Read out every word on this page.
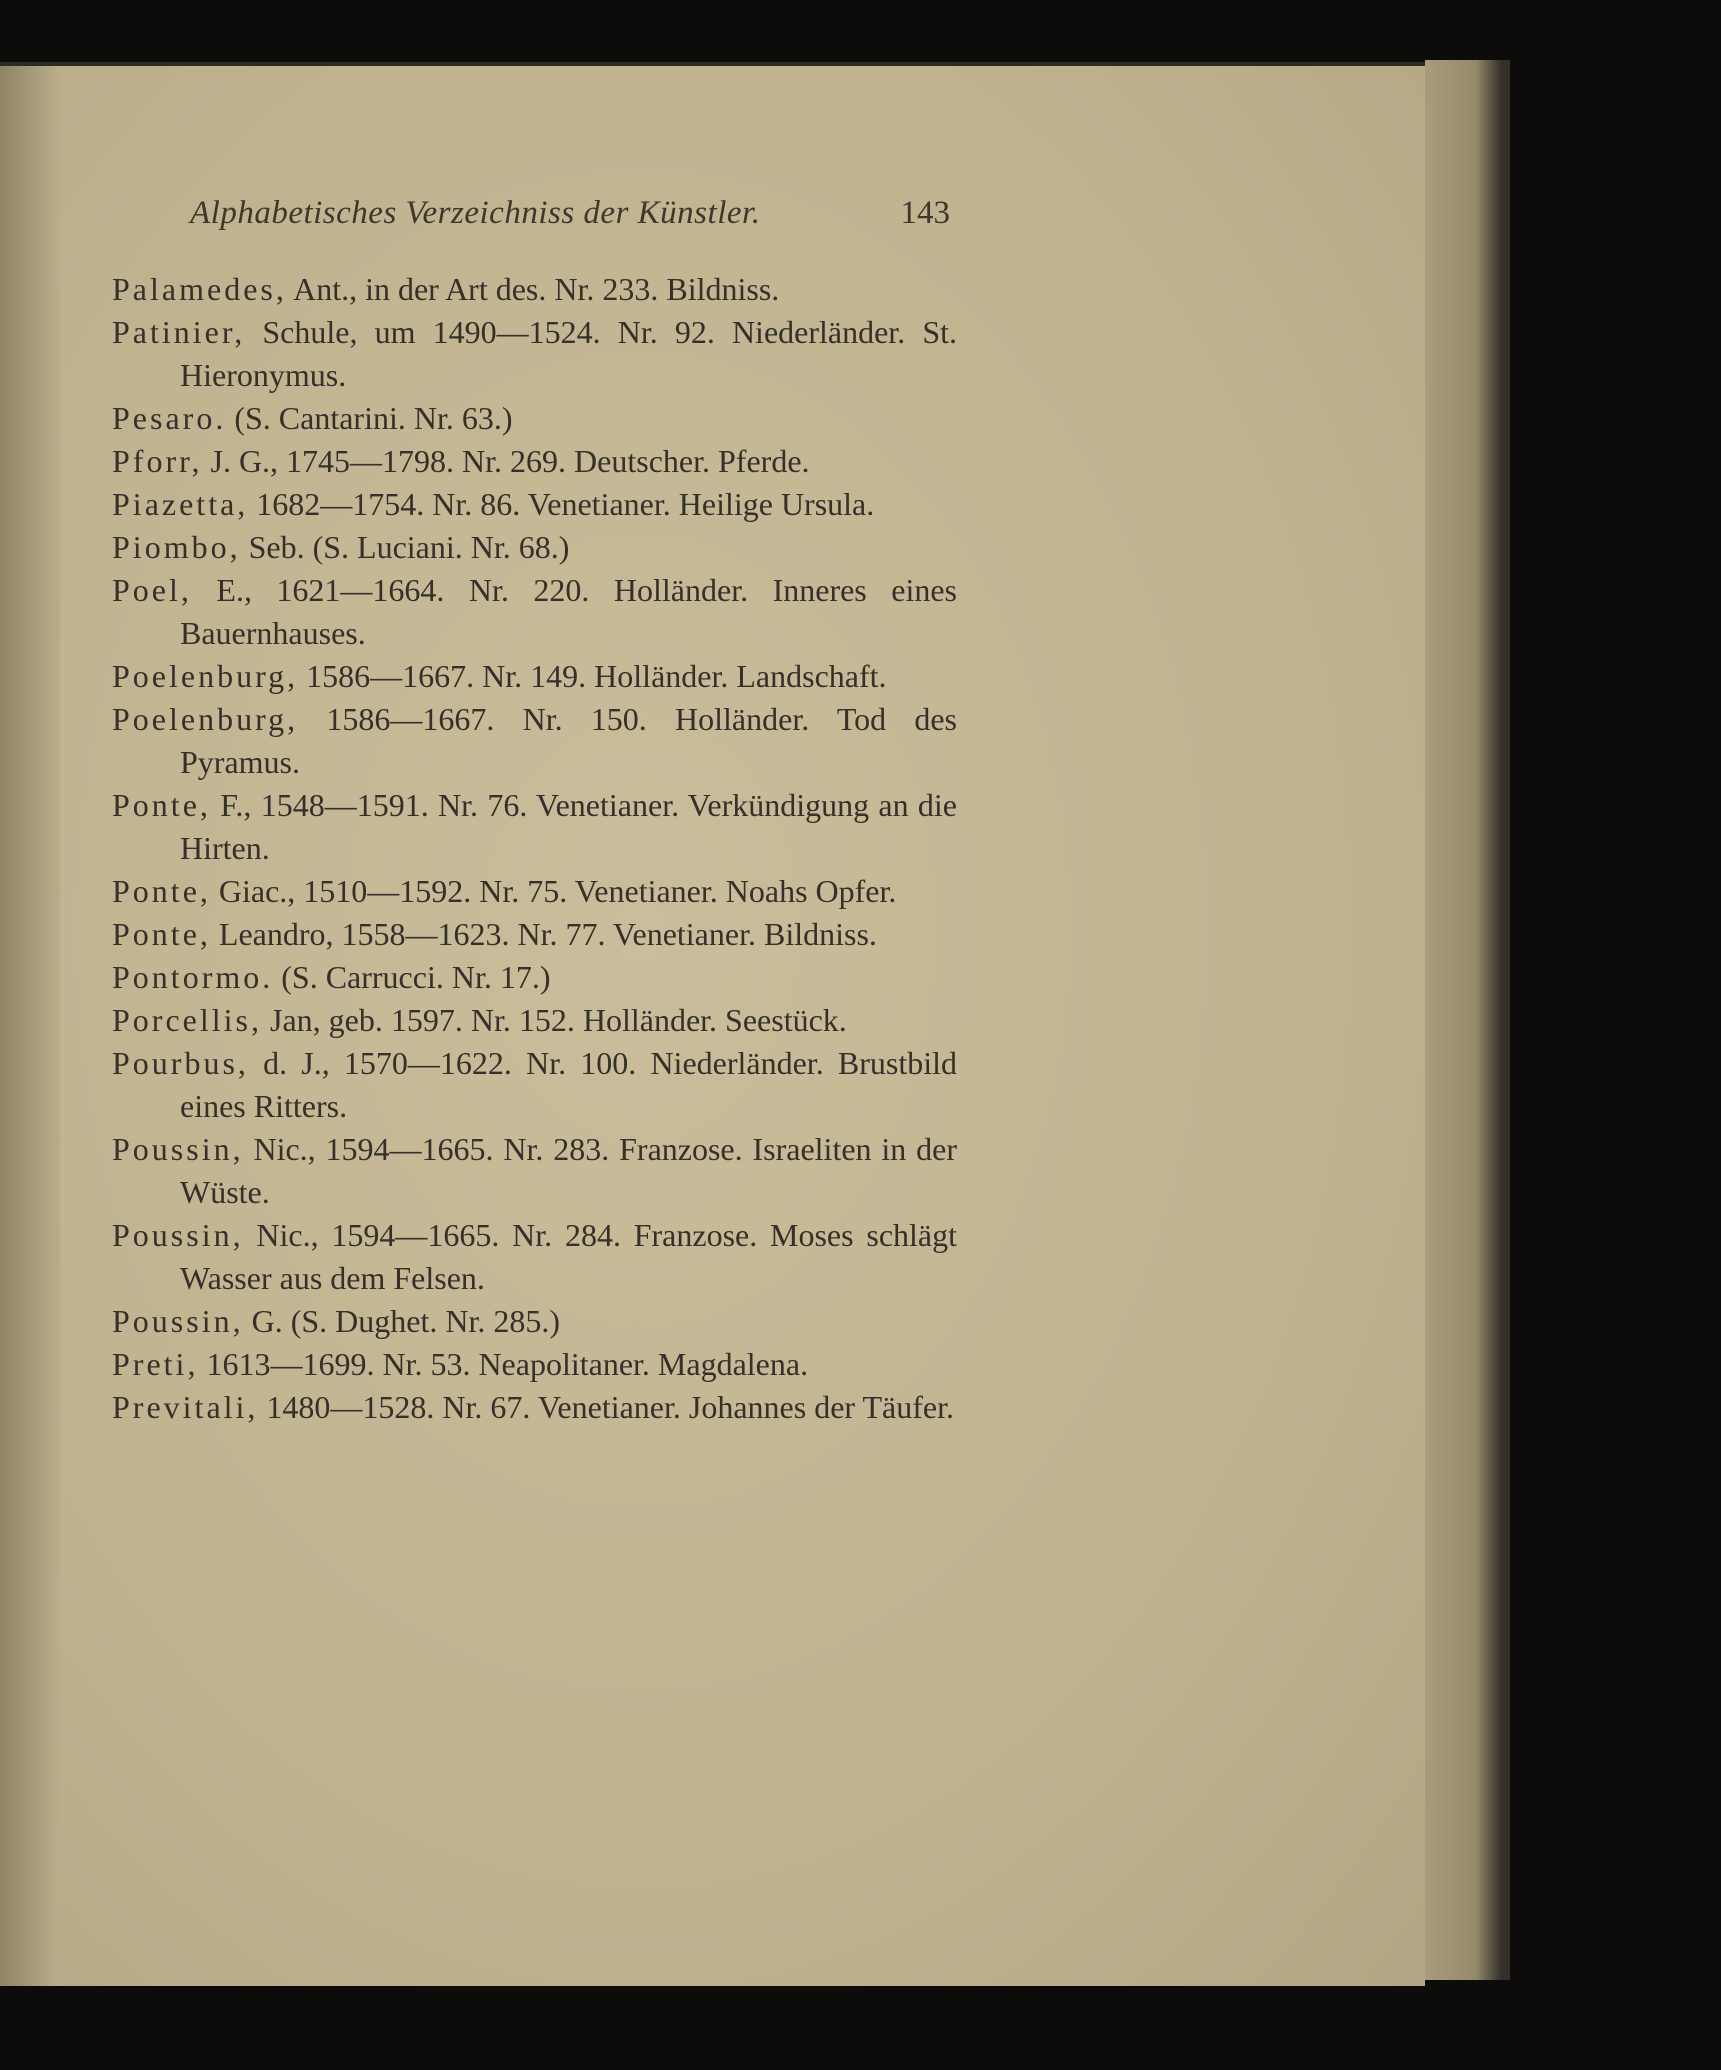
Alphabetisches Verzeichniss der Künstler.	143
Palamedes, Ant., in der Art des. Nr. 233. Bildniss.
Patinier, Schule, um 1490—1524. Nr. 92. Niederländer. St. Hieronymus.
Pesaro. (S. Cantarini. Nr. 63.)
Pforr, J. G., 1745—1798. Nr. 269. Deutscher. Pferde.
Piazetta, 1682—1754. Nr. 86. Venetianer. Heilige Ursula.
Piombo, Seb. (S. Luciani. Nr. 68.)
Poel, E., 1621—1664. Nr. 220. Holländer. Inneres eines Bauernhauses.
Poelenburg, 1586—1667. Nr. 149. Holländer. Landschaft.
Poelenburg, 1586—1667. Nr. 150. Holländer. Tod des Pyramus.
Ponte, F., 1548—1591. Nr. 76. Venetianer. Verkündigung an die Hirten.
Ponte, Giac., 1510—1592. Nr. 75. Venetianer. Noahs Opfer.
Ponte, Leandro, 1558—1623. Nr. 77. Venetianer. Bildniss.
Pontormo. (S. Carrucci. Nr. 17.)
Porcellis, Jan, geb. 1597. Nr. 152. Holländer. Seestück.
Pourbus, d. J., 1570—1622. Nr. 100. Niederländer. Brustbild eines Ritters.
Poussin, Nic., 1594—1665. Nr. 283. Franzose. Israeliten in der Wüste.
Poussin, Nic., 1594—1665. Nr. 284. Franzose. Moses schlägt Wasser aus dem Felsen.
Poussin, G. (S. Dughet. Nr. 285.)
Preti, 1613—1699. Nr. 53. Neapolitaner. Magdalena.
Previtali, 1480—1528. Nr. 67. Venetianer. Johannes der Täufer.
